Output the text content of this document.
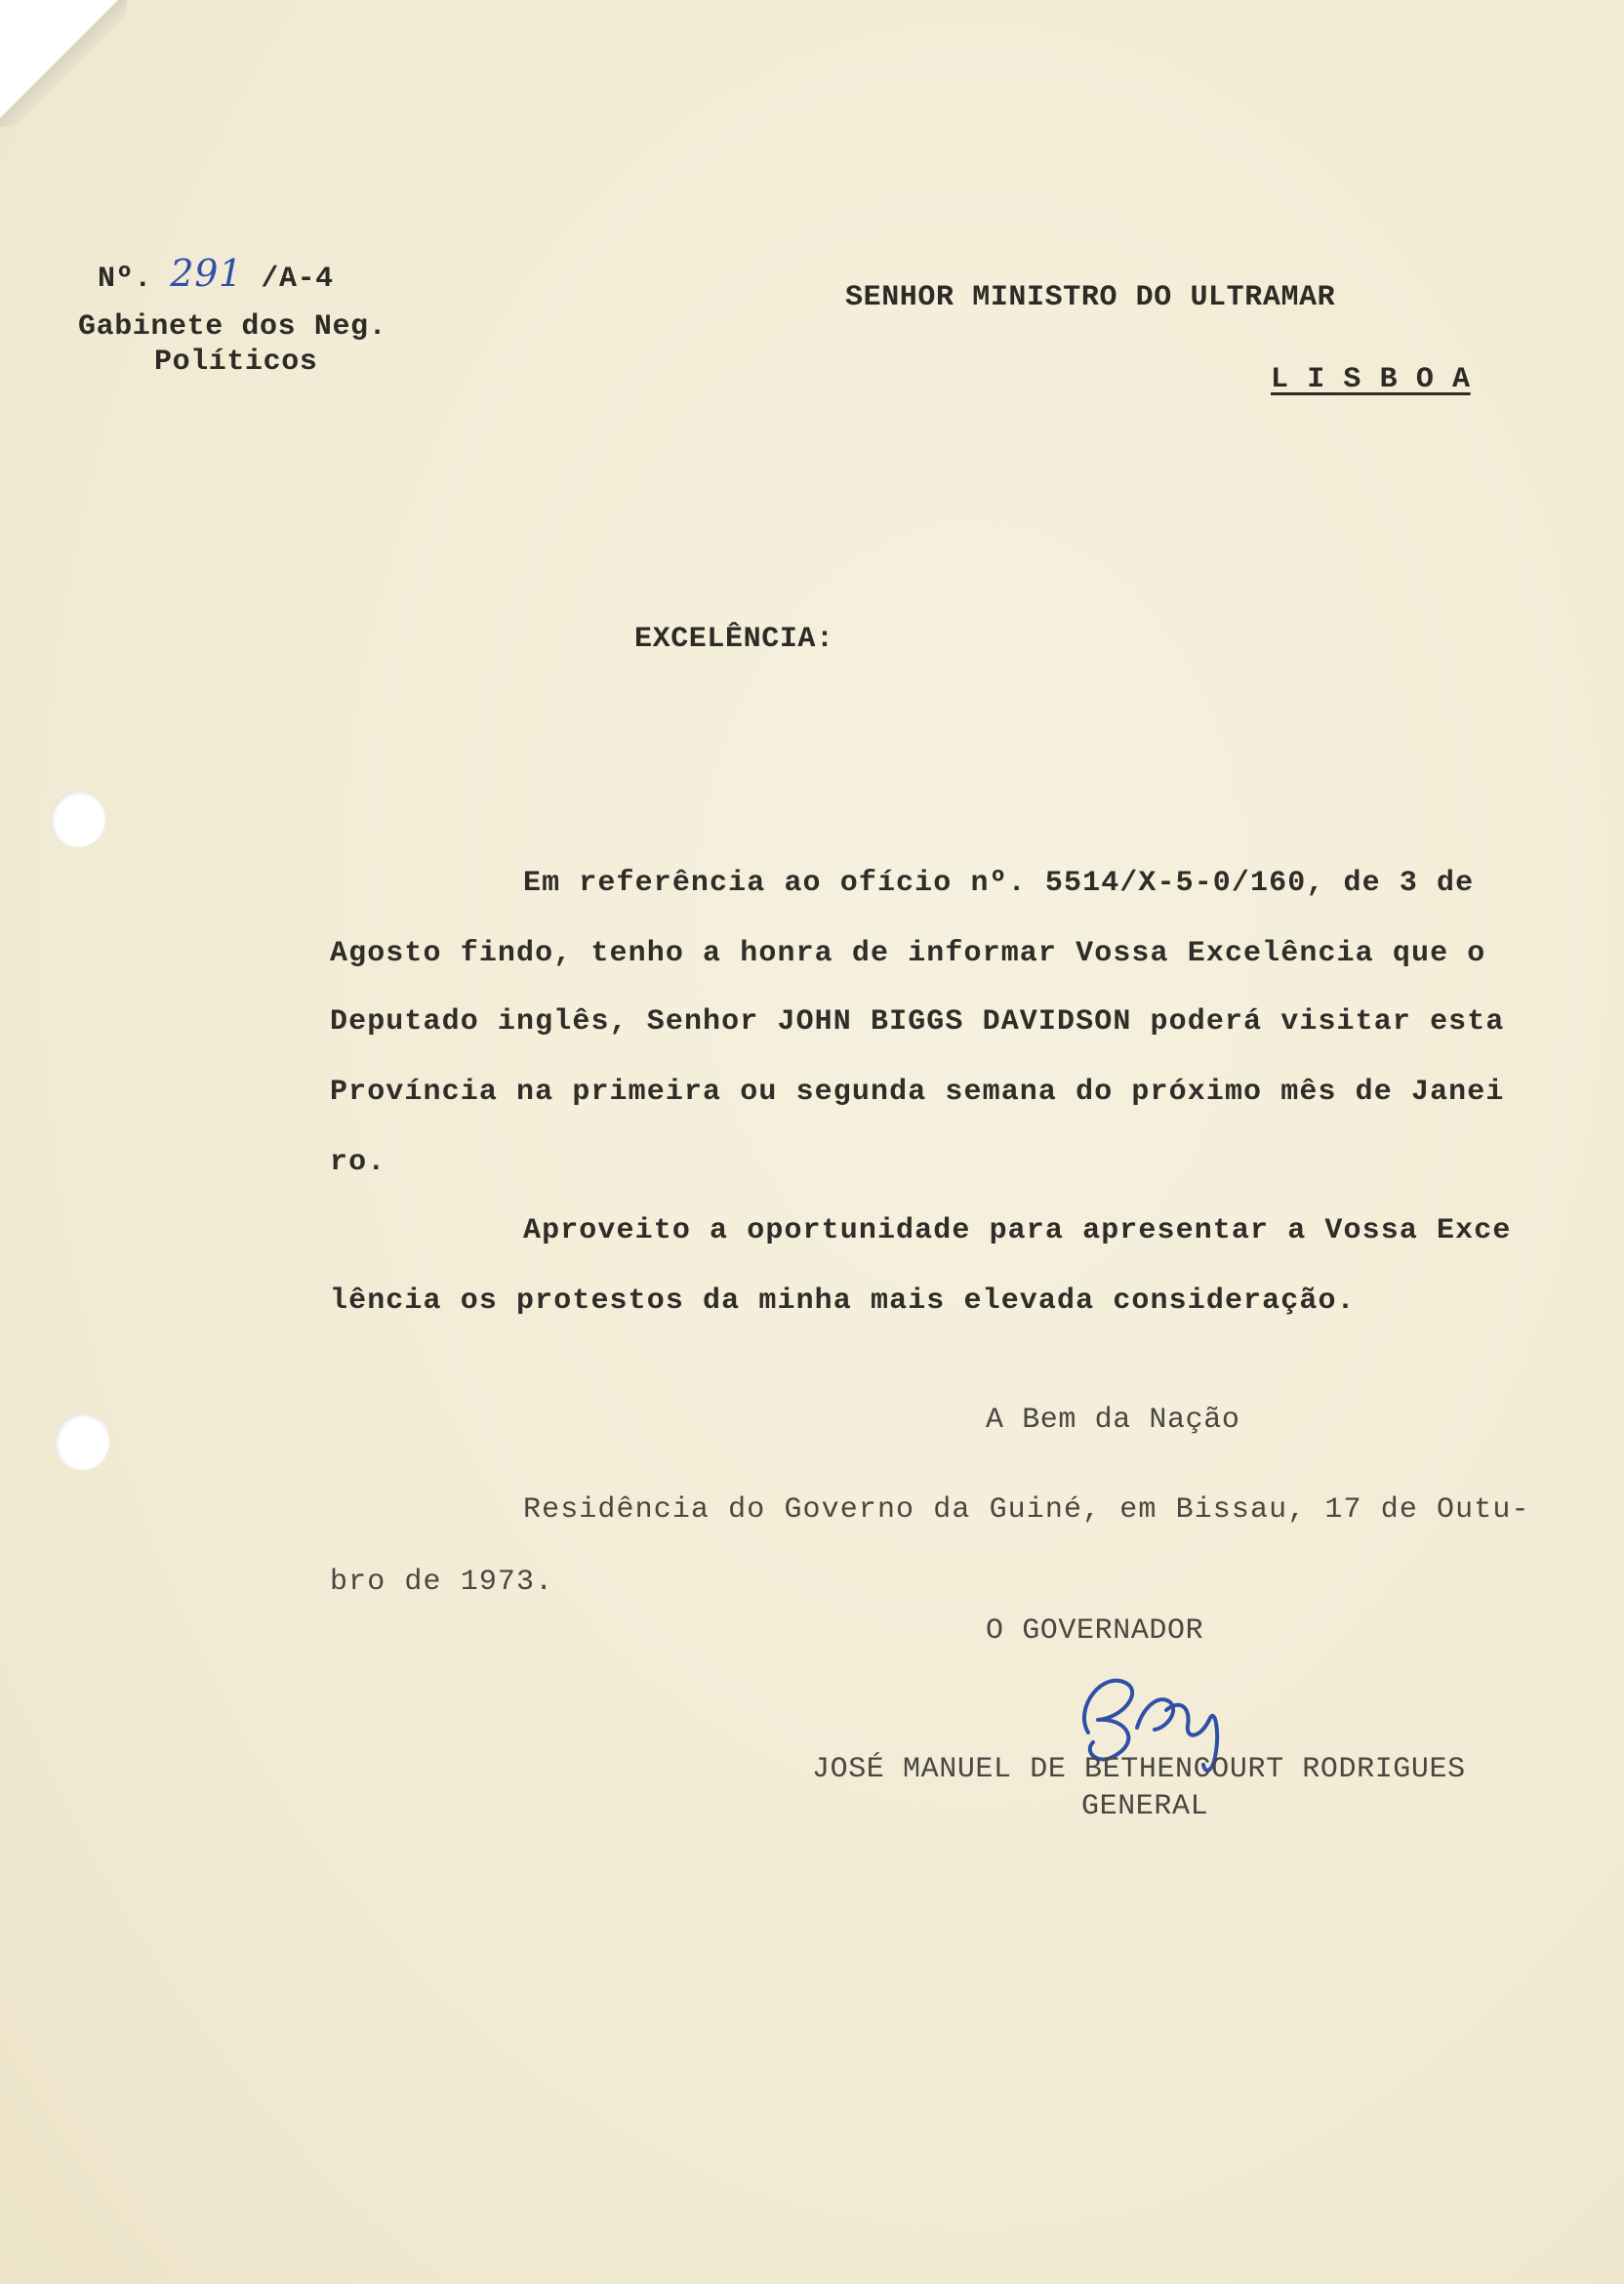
Nº. 291 /A-4
Gabinete dos Neg.
Políticos
SENHOR MINISTRO DO ULTRAMAR
L I S B O A
EXCELÊNCIA:
Em referência ao ofício nº. 5514/X-5-0/160, de 3 de
Agosto findo, tenho a honra de informar Vossa Excelência que o
Deputado inglês, Senhor JOHN BIGGS DAVIDSON poderá visitar esta
Província na primeira ou segunda semana do próximo mês de Janei
ro.
Aproveito a oportunidade para apresentar a Vossa Exce
lência os protestos da minha mais elevada consideração.
A Bem da Nação
Residência do Governo da Guiné, em Bissau, 17 de Outu-
bro de 1973.
O GOVERNADOR
JOSÉ MANUEL DE BETHENCOURT RODRIGUES
GENERAL
